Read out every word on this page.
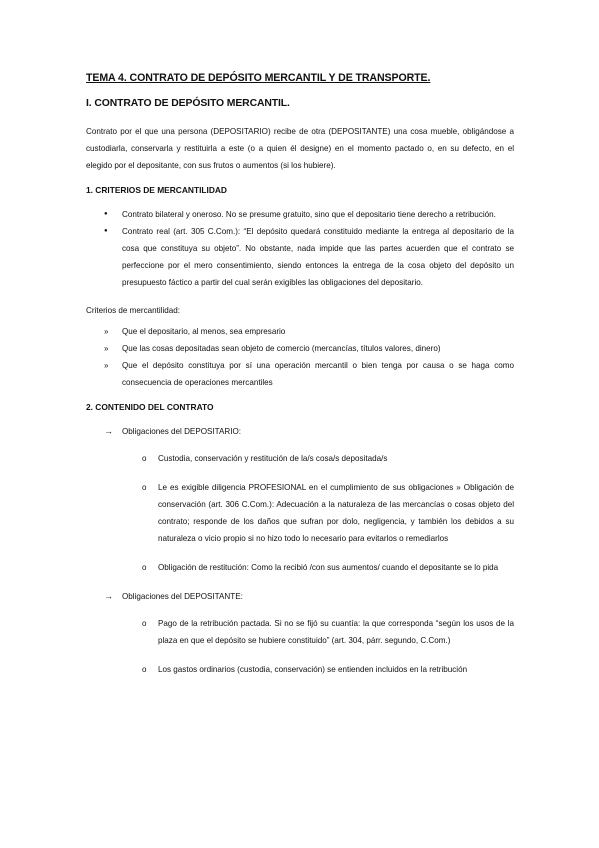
TEMA 4. CONTRATO DE DEPÓSITO MERCANTIL Y DE TRANSPORTE.
I. CONTRATO DE DEPÓSITO MERCANTIL.

Contrato por el que una persona (DEPOSITARIO) recibe de otra (DEPOSITANTE) una cosa mueble, obligándose a custodiarla, conservarla y restituirla a este (o a quien él designe) en el momento pactado o, en su defecto, en el elegido por el depositante, con sus frutos o aumentos (si los hubiere).

1. CRITERIOS DE MERCANTILIDAD
● Contrato bilateral y oneroso. No se presume gratuito, sino que el depositario tiene derecho a retribución.
● Contrato real (art. 305 C.Com.): “El depósito quedará constituido mediante la entrega al depositario de la cosa que constituya su objeto”. No obstante, nada impide que las partes acuerden que el contrato se perfeccione por el mero consentimiento, siendo entonces la entrega de la cosa objeto del depósito un presupuesto fáctico a partir del cual serán exigibles las obligaciones del depositario.

Criterios de mercantilidad:

» Que el depositario, al menos, sea empresario
» Que las cosas depositadas sean objeto de comercio (mercancías, títulos valores, dinero)
» Que el depósito constituya por sí una operación mercantil o bien tenga por causa o se haga como consecuencia de operaciones mercantiles
2. CONTENIDO DEL CONTRATO
→ Obligaciones del DEPOSITARIO:
o Custodia, conservación y restitución de la/s cosa/s depositada/s
o Le es exigible diligencia PROFESIONAL en el cumplimiento de sus obligaciones » Obligación de conservación (art. 306 C.Com.): Adecuación a la naturaleza de las mercancías o cosas objeto del contrato; responde de los daños que sufran por dolo, negligencia, y también los debidos a su naturaleza o vicio propio si no hizo todo lo necesario para evitarlos o remediarlos
o Obligación de restitución: Como la recibió /con sus aumentos/ cuando el depositante se lo pida
→ Obligaciones del DEPOSITANTE:
o Pago de la retribución pactada. Si no se fijó su cuantía: la que corresponda “según los usos de la plaza en que el depósito se hubiere constituido” (art. 304, párr. segundo, C.Com.)
o Los gastos ordinarios (custodia, conservación) se entienden incluidos en la retribución
